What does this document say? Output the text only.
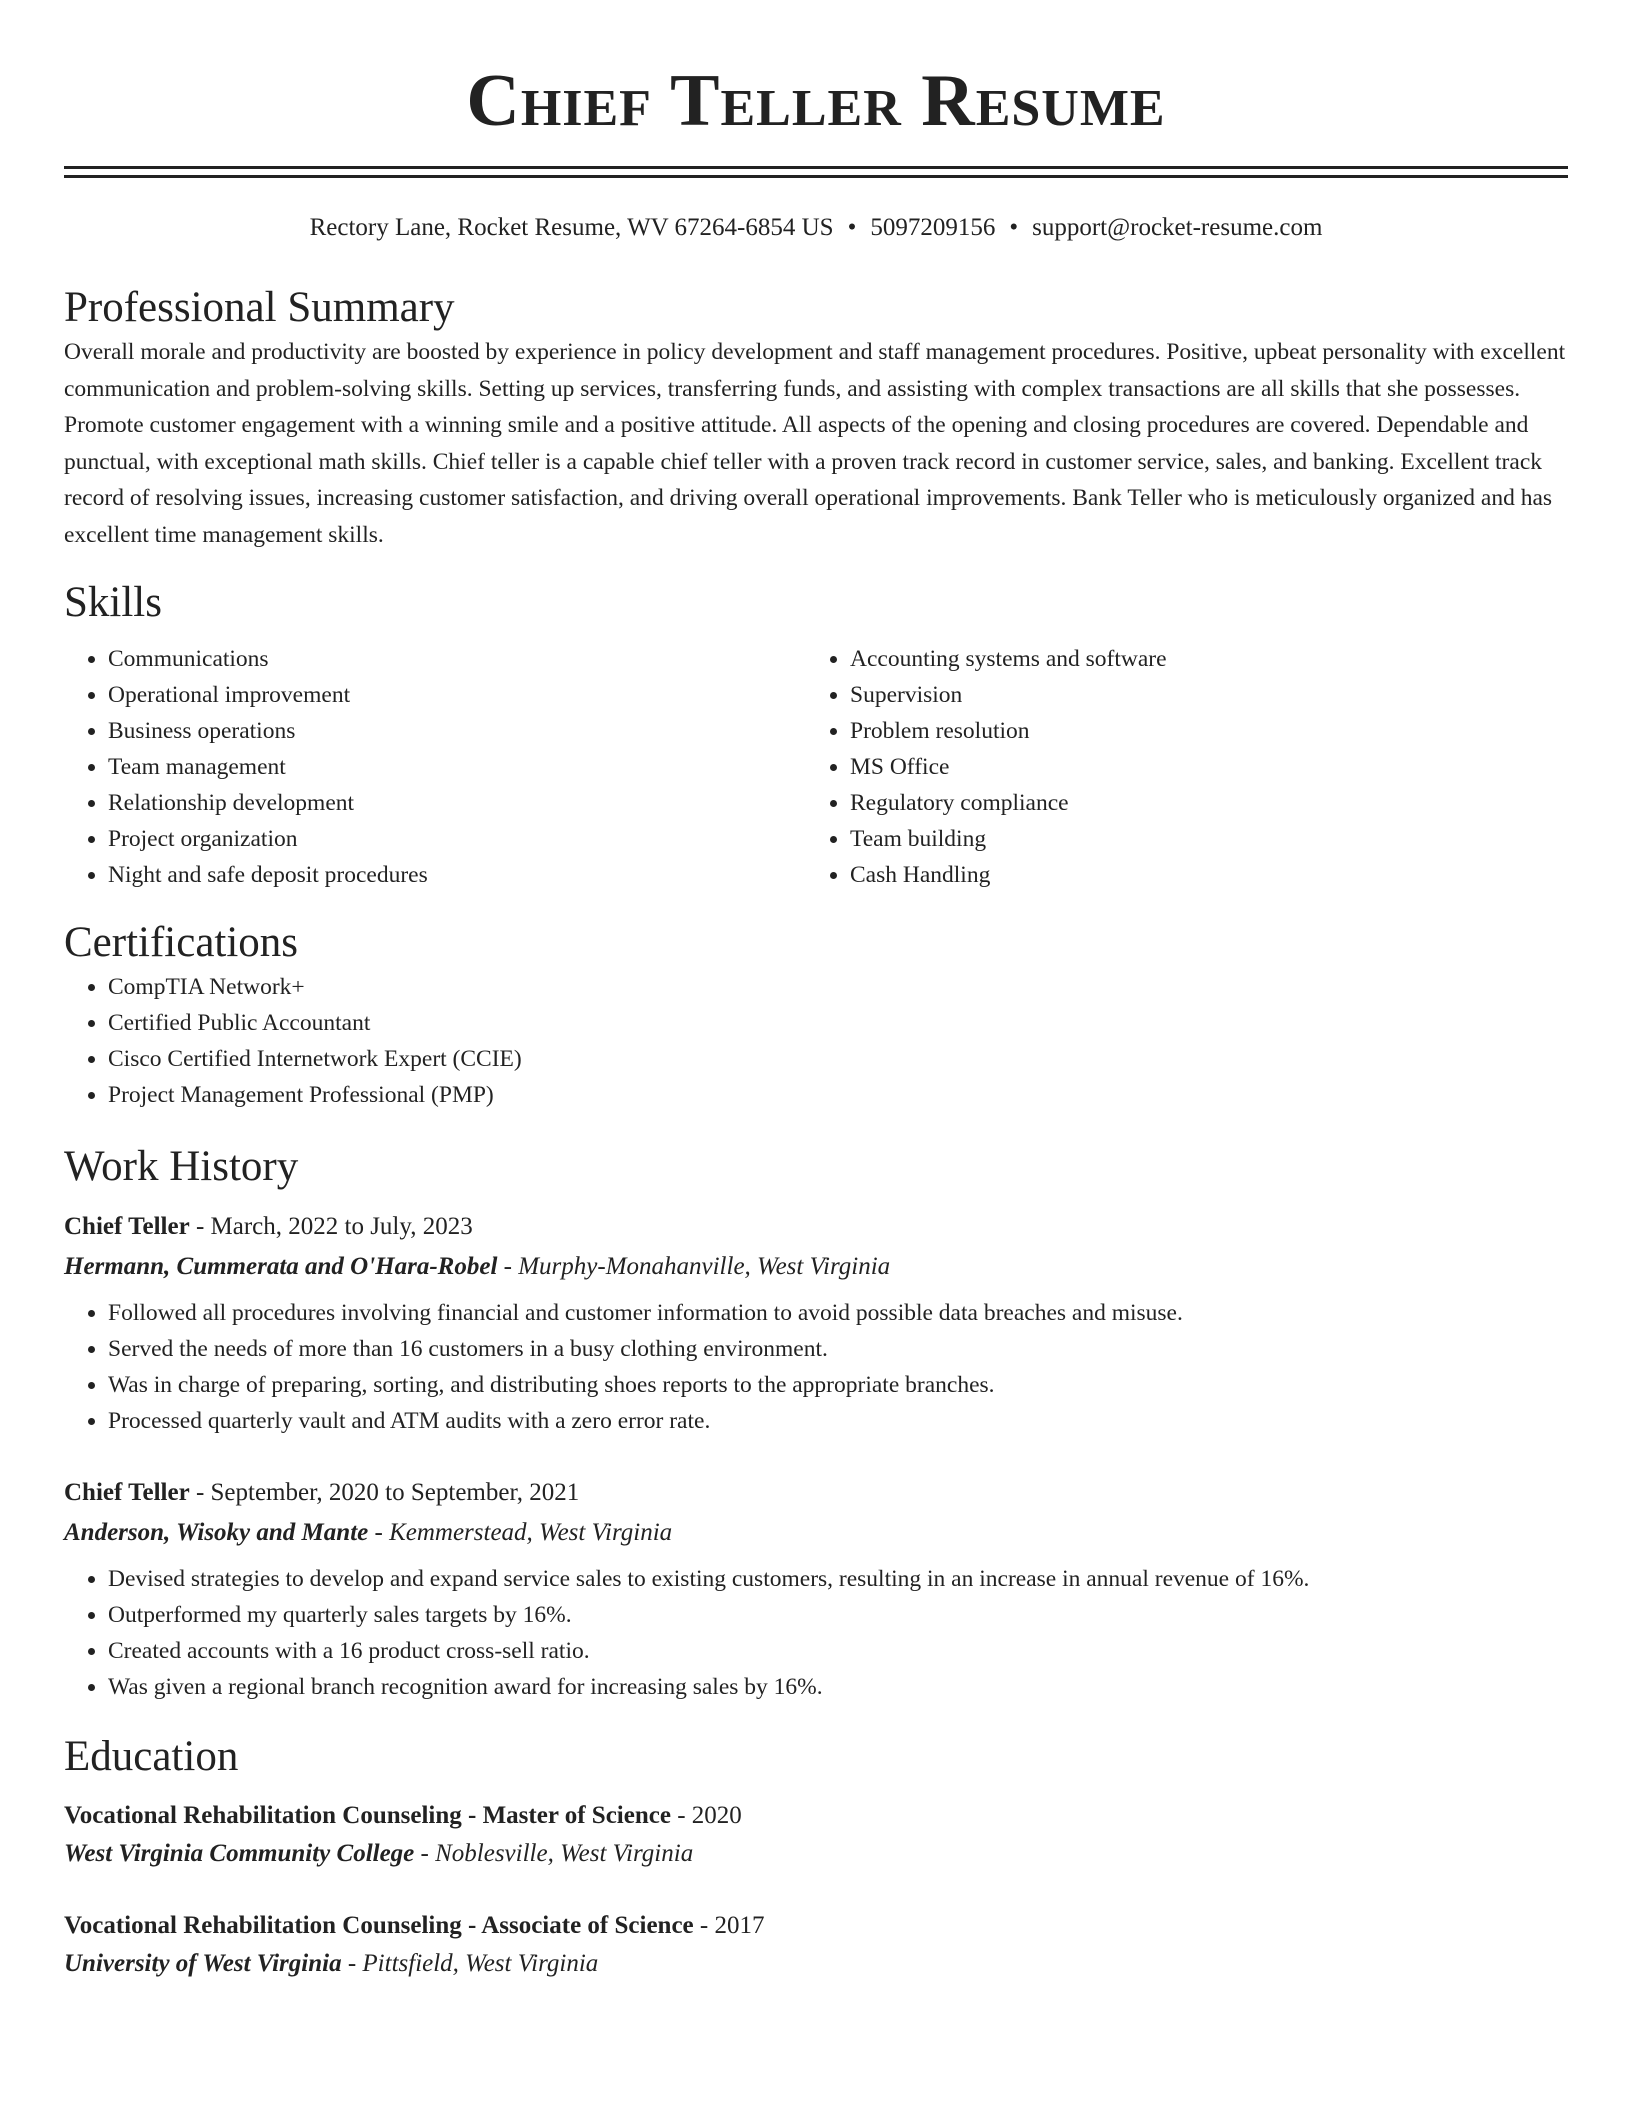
Chief Teller Resume
Rectory Lane, Rocket Resume, WV 67264-6854 US • 5097209156 • support@rocket-resume.com
Professional Summary

Overall morale and productivity are boosted by experience in policy development and staff management procedures. Positive, upbeat personality with excellent communication and problem-solving skills. Setting up services, transferring funds, and assisting with complex transactions are all skills that she possesses. Promote customer engagement with a winning smile and a positive attitude. All aspects of the opening and closing procedures are covered. Dependable and punctual, with exceptional math skills. Chief teller is a capable chief teller with a proven track record in customer service, sales, and banking. Excellent track record of resolving issues, increasing customer satisfaction, and driving overall operational improvements. Bank Teller who is meticulously organized and has excellent time management skills.

Skills
• Communications
• Operational improvement
• Business operations
• Team management
• Relationship development
• Project organization
• Night and safe deposit procedures
• Accounting systems and software
• Supervision
• Problem resolution
• MS Office
• Regulatory compliance
• Team building
• Cash Handling
Certifications
• CompTIA Network+
• Certified Public Accountant
• Cisco Certified Internetwork Expert (CCIE)
• Project Management Professional (PMP)
Work History
Chief Teller - March, 2022 to July, 2023
Hermann, Cummerata and O'Hara-Robel - Murphy-Monahanville, West Virginia
• Followed all procedures involving financial and customer information to avoid possible data breaches and misuse.
• Served the needs of more than 16 customers in a busy clothing environment.
• Was in charge of preparing, sorting, and distributing shoes reports to the appropriate branches.
• Processed quarterly vault and ATM audits with a zero error rate.
Chief Teller - September, 2020 to September, 2021
Anderson, Wisoky and Mante - Kemmerstead, West Virginia
• Devised strategies to develop and expand service sales to existing customers, resulting in an increase in annual revenue of 16%.
• Outperformed my quarterly sales targets by 16%.
• Created accounts with a 16 product cross-sell ratio.
• Was given a regional branch recognition award for increasing sales by 16%.
Education
Vocational Rehabilitation Counseling - Master of Science - 2020
West Virginia Community College - Noblesville, West Virginia
Vocational Rehabilitation Counseling - Associate of Science - 2017
University of West Virginia - Pittsfield, West Virginia
